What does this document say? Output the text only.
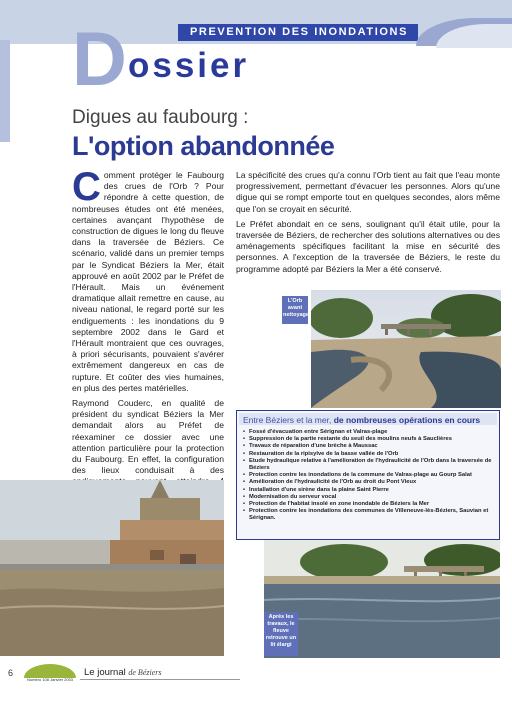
PREVENTION DES INONDATIONS
D ossier
Digues au faubourg :
L'option abandonnée

Comment protéger le Faubourg des crues de l'Orb ? Pour répondre à cette question, de nombreuses études ont été menées, certaines avançant l'hypothèse de construction de digues le long du fleuve dans la traversée de Béziers. Ce scénario, validé dans un premier temps par le Syndicat Béziers la Mer, était approuvé en août 2002 par le Préfet de l'Hérault. Mais un événement dramatique allait remettre en cause, au niveau national, le regard porté sur les endiguements : les inondations du 9 septembre 2002 dans le Gard et l'Hérault montraient que ces ouvrages, à priori sécurisants, pouvaient s'avérer extrêmement dangereux en cas de rupture. Et coûter des vies humaines, en plus des pertes matérielles.

Raymond Couderc, en qualité de président du syndicat Béziers la Mer demandait alors au Préfet de réexaminer ce dossier avec une attention particulière pour la protection du Faubourg. En effet, la configuration des lieux conduisait à des

La spécificité des crues qu'a connu l'Orb tient au fait que l'eau monte progressivement, permettant d'évacuer les personnes. Alors qu'une digue qui se rompt emporte tout en quelques secondes, alors même que l'on se croyait en sécurité.

Le Préfet abondait en ce sens, soulignant qu'il était utile, pour la traversée de Béziers, de rechercher des solutions alternatives ou des aménagements spécifiques facilitant la mise en sécurité des personnes. A l'exception de la traversée de Béziers, le reste du programme adopté par Béziers la Mer a été conservé.

L'Orb avant nettoyage
Entre Béziers et la mer, de nombreuses opérations en cours
• Fossé d'évacuation entre Sérignan et Valras-plage
• Suppression de la partie restante du seuil des moulins neufs à Sauclières
• Travaux de réparation d'une brèche à Maussac
• Restauration de la ripisylve de la basse vallée de l'Orb
• Etude hydraulique relative à l'amélioration de l'hydraulicité de l'Orb dans la traversée de Béziers
• Protection contre les inondations de la commune de Valras-plage au Gourp Salat
• Amélioration de l'hydraulicité de l'Orb au droit du Pont Vieux
• Installation d'une sirène dans la plaine Saint Pierre
• Modernisation du serveur vocal
• Protection de l'habitat insolé en zone inondable de Béziers la Mer
• Protection contre les inondations des communes de Villeneuve-lès-Béziers, Sauvian et Sérignan.
Après les travaux, le fleuve retrouve un lit élargi
6
Numéro 108 Janvier 2003
Le journal de Béziers
